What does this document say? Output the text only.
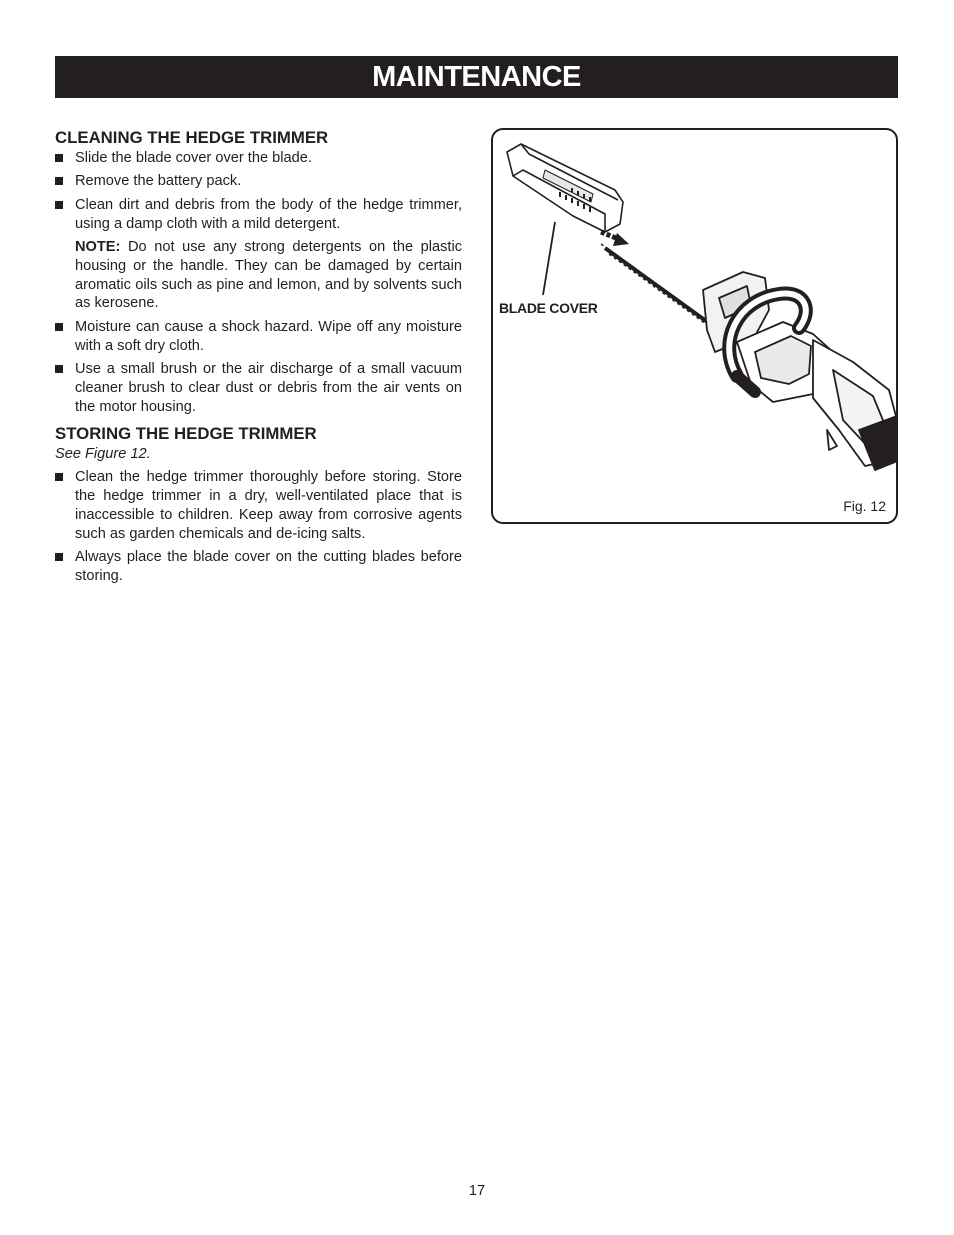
MAINTENANCE
CLEANING THE HEDGE TRIMMER
Slide the blade cover over the blade.
Remove the battery pack.
Clean dirt and debris from the body of the hedge trimmer, using a damp cloth with a mild detergent.
NOTE: Do not use any strong detergents on the plastic housing or the handle. They can be damaged by certain aromatic oils such as pine and lemon, and by solvents such as kerosene.
Moisture can cause a shock hazard. Wipe off any moisture with a soft dry cloth.
Use a small brush or the air discharge of a small vacuum cleaner brush to clear dust or debris from the air vents on the motor housing.
STORING THE HEDGE TRIMMER
See Figure 12.
Clean the hedge trimmer thoroughly before storing. Store the hedge trimmer in a dry, well-ventilated place that is inaccessible to children. Keep away from corrosive agents such as garden chemicals and de-icing salts.
Always place the blade cover on the cutting blades before storing.
BLADE COVER
Fig. 12
17
